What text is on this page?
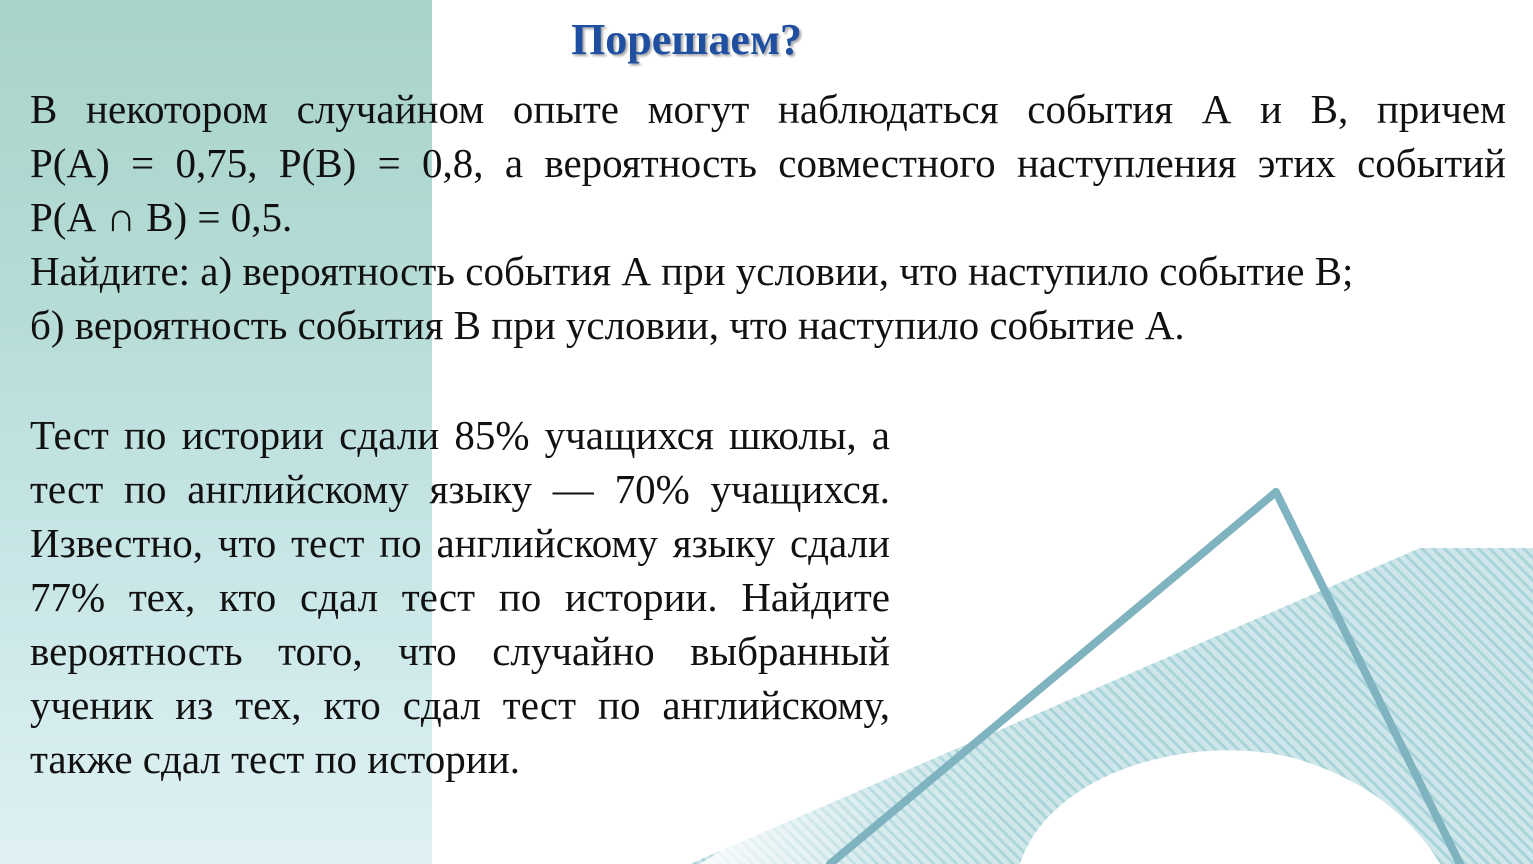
Порешаем?
В некотором случайном опыте могут наблюдаться события А и В, причем
Р(А) = 0,75, Р(В) = 0,8, а вероятность совместного наступления этих событий
Р(А ∩ В) = 0,5.
Найдите: а) вероятность события А при условии, что наступило событие В;
б) вероятность события В при условии, что наступило событие А.
Тест по истории сдали 85% учащихся школы, а тест по английскому языку — 70% учащихся. Известно, что тест по английскому языку сдали 77% тех, кто сдал тест по истории. Найдите вероятность того, что случайно выбранный ученик из тех, кто сдал тест по английскому, также сдал тест по истории.
